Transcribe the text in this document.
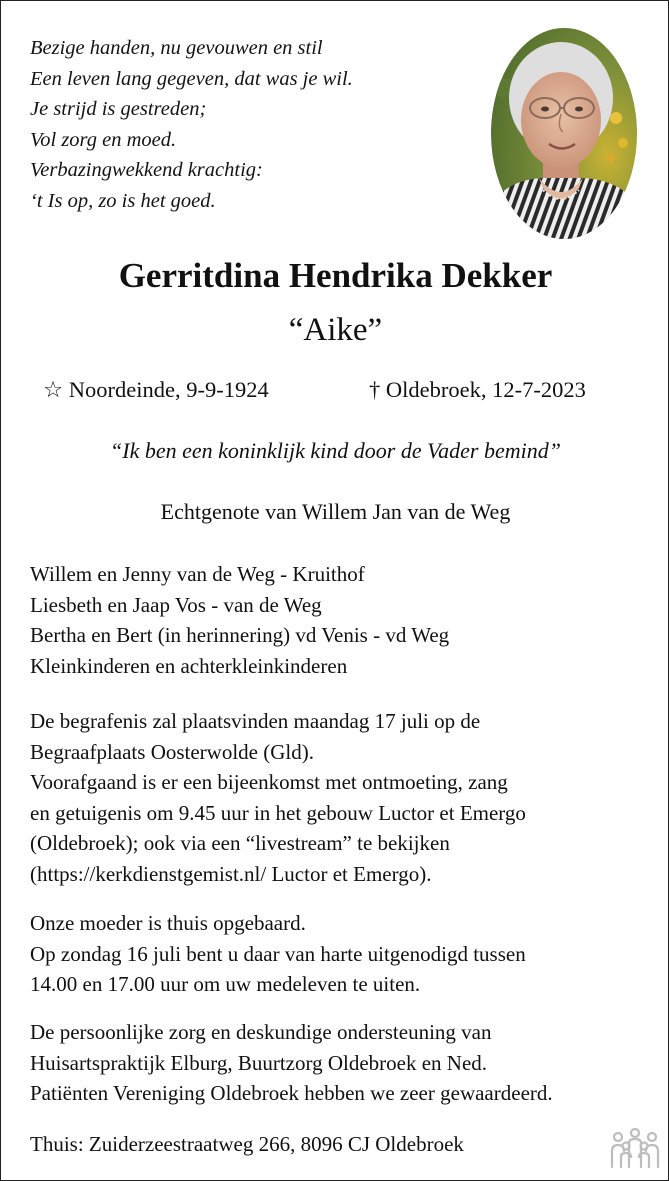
Bezige handen, nu gevouwen en stil
Een leven lang gegeven, dat was je wil.
Je strijd is gestreden;
Vol zorg en moed.
Verbazingwekkend krachtig:
‘t Is op, zo is het goed.
Gerritdina Hendrika Dekker
“Aike”
☆ Noordeinde, 9-9-1924	† Oldebroek, 12-7-2023
“Ik ben een koninklijk kind door de Vader bemind”
Echtgenote van Willem Jan van de Weg
Willem en Jenny van de Weg - Kruithof
Liesbeth en Jaap Vos - van de Weg
Bertha en Bert (in herinnering) vd Venis - vd Weg
Kleinkinderen en achterkleinkinderen
De begrafenis zal plaatsvinden maandag 17 juli op de
Begraafplaats Oosterwolde (Gld).
Voorafgaand is er een bijeenkomst met ontmoeting, zang
en getuigenis om 9.45 uur in het gebouw Luctor et Emergo
(Oldebroek); ook via een “livestream” te bekijken
(https://kerkdienstgemist.nl/ Luctor et Emergo).
Onze moeder is thuis opgebaard.
Op zondag 16 juli bent u daar van harte uitgenodigd tussen
14.00 en 17.00 uur om uw medeleven te uiten.
De persoonlijke zorg en deskundige ondersteuning van
Huisartspraktijk Elburg, Buurtzorg Oldebroek en Ned.
Patiënten Vereniging Oldebroek hebben we zeer gewaardeerd.
Thuis: Zuiderzeestraatweg 266, 8096 CJ Oldebroek
